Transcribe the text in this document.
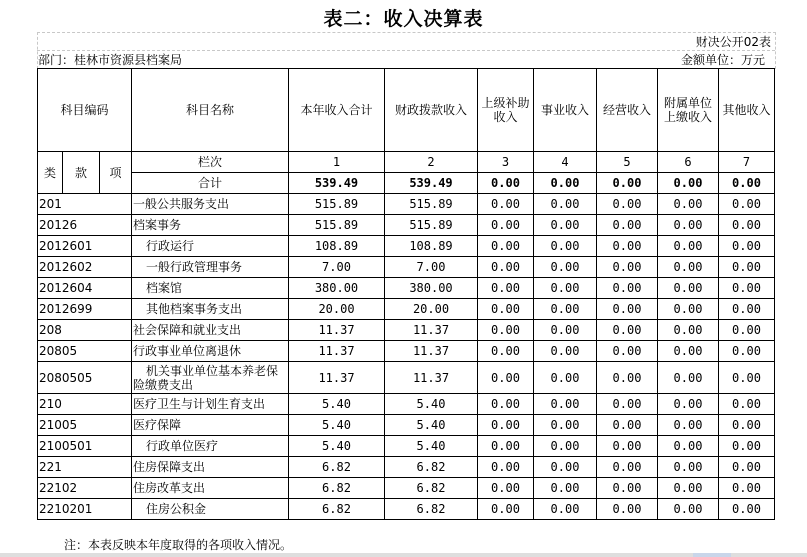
表二：收入决算表
财决公开02表
部门：桂林市资源县档案局	金额单位：万元
科目编码			科目名称	本年收入合计	财政拨款收入	上级补助收入	事业收入	经营收入	附属单位上缴收入	其他收入
类	款	项	栏次	1	2	3	4	5	6	7
			合计	539.49	539.49	0.00	0.00	0.00	0.00	0.00
201			一般公共服务支出	515.89	515.89	0.00	0.00	0.00	0.00	0.00
20126			档案事务	515.89	515.89	0.00	0.00	0.00	0.00	0.00
2012601			行政运行	108.89	108.89	0.00	0.00	0.00	0.00	0.00
2012602			一般行政管理事务	7.00	7.00	0.00	0.00	0.00	0.00	0.00
2012604			档案馆	380.00	380.00	0.00	0.00	0.00	0.00	0.00
2012699			其他档案事务支出	20.00	20.00	0.00	0.00	0.00	0.00	0.00
208			社会保障和就业支出	11.37	11.37	0.00	0.00	0.00	0.00	0.00
20805			行政事业单位离退休	11.37	11.37	0.00	0.00	0.00	0.00	0.00
2080505			机关事业单位基本养老保险缴费支出	11.37	11.37	0.00	0.00	0.00	0.00	0.00
210			医疗卫生与计划生育支出	5.40	5.40	0.00	0.00	0.00	0.00	0.00
21005			医疗保障	5.40	5.40	0.00	0.00	0.00	0.00	0.00
2100501			行政单位医疗	5.40	5.40	0.00	0.00	0.00	0.00	0.00
221			住房保障支出	6.82	6.82	0.00	0.00	0.00	0.00	0.00
22102			住房改革支出	6.82	6.82	0.00	0.00	0.00	0.00	0.00
2210201			住房公积金	6.82	6.82	0.00	0.00	0.00	0.00	0.00
注：本表反映本年度取得的各项收入情况。
